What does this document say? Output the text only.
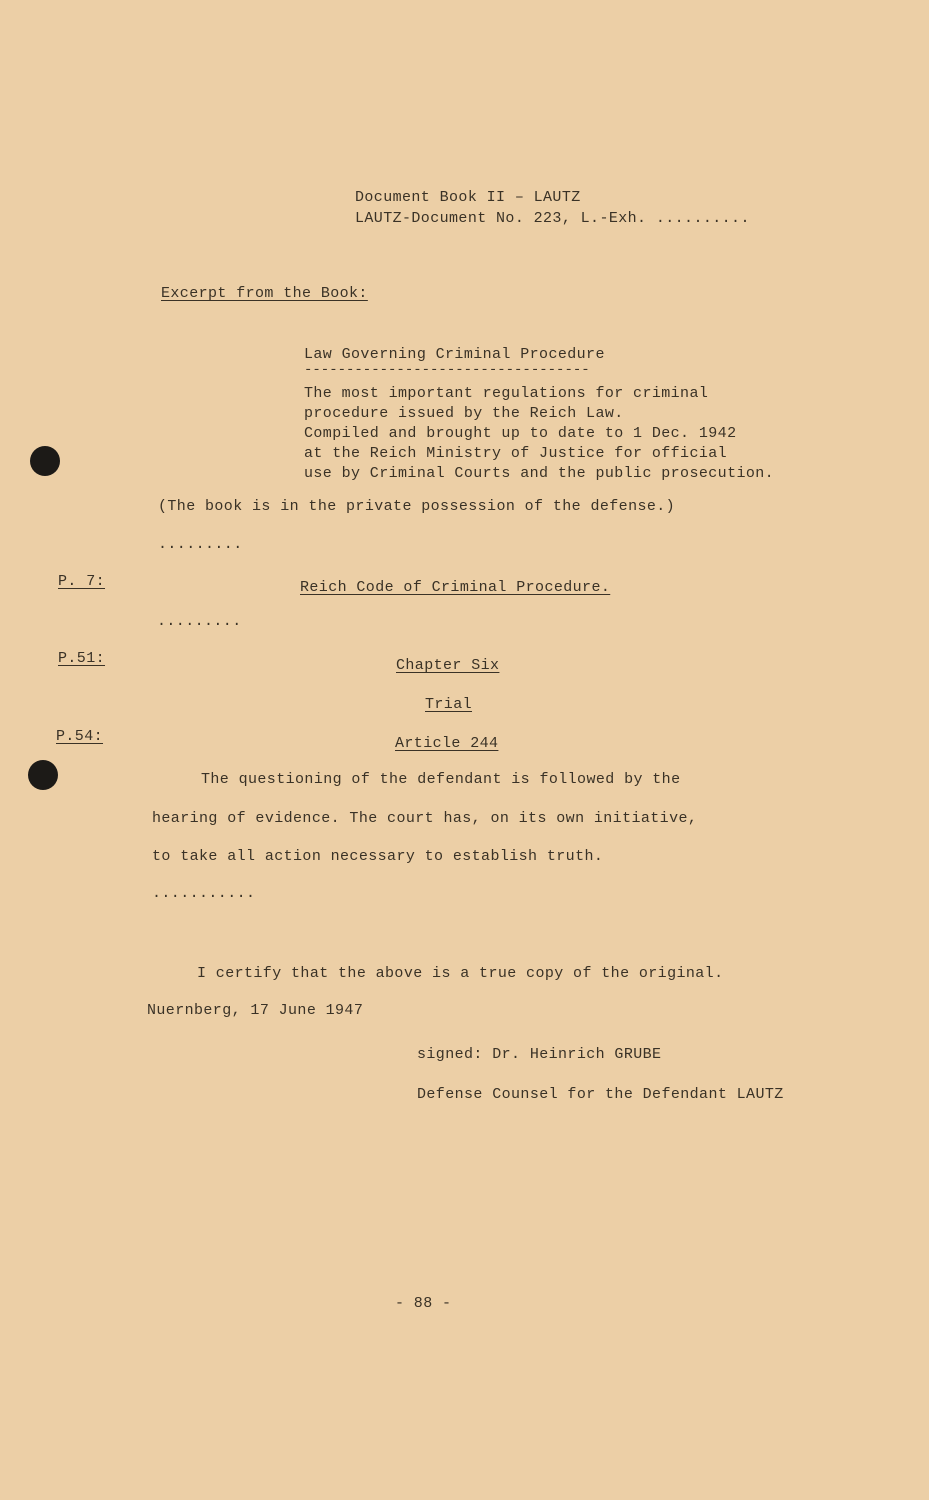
Document Book II – LAUTZ
LAUTZ-Document No. 223, L.-Exh. ..........
Excerpt from the Book:
Law Governing Criminal Procedure
----------------------------------
The most important regulations for criminal
procedure issued by the Reich Law.
Compiled and brought up to date to 1 Dec. 1942
at the Reich Ministry of Justice for official
use by Criminal Courts and the public prosecution.
(The book is in the private possession of the defense.)
.........
P. 7:	Reich Code of Criminal Procedure.
.........
P.51:	Chapter Six
Trial
P.54:	Article 244
The questioning of the defendant is followed by the
hearing of evidence. The court has, on its own initiative,
to take all action necessary to establish truth.
...........
I certify that the above is a true copy of the original.
Nuernberg, 17 June 1947
signed: Dr. Heinrich GRUBE
Defense Counsel for the Defendant LAUTZ
- 88 -
